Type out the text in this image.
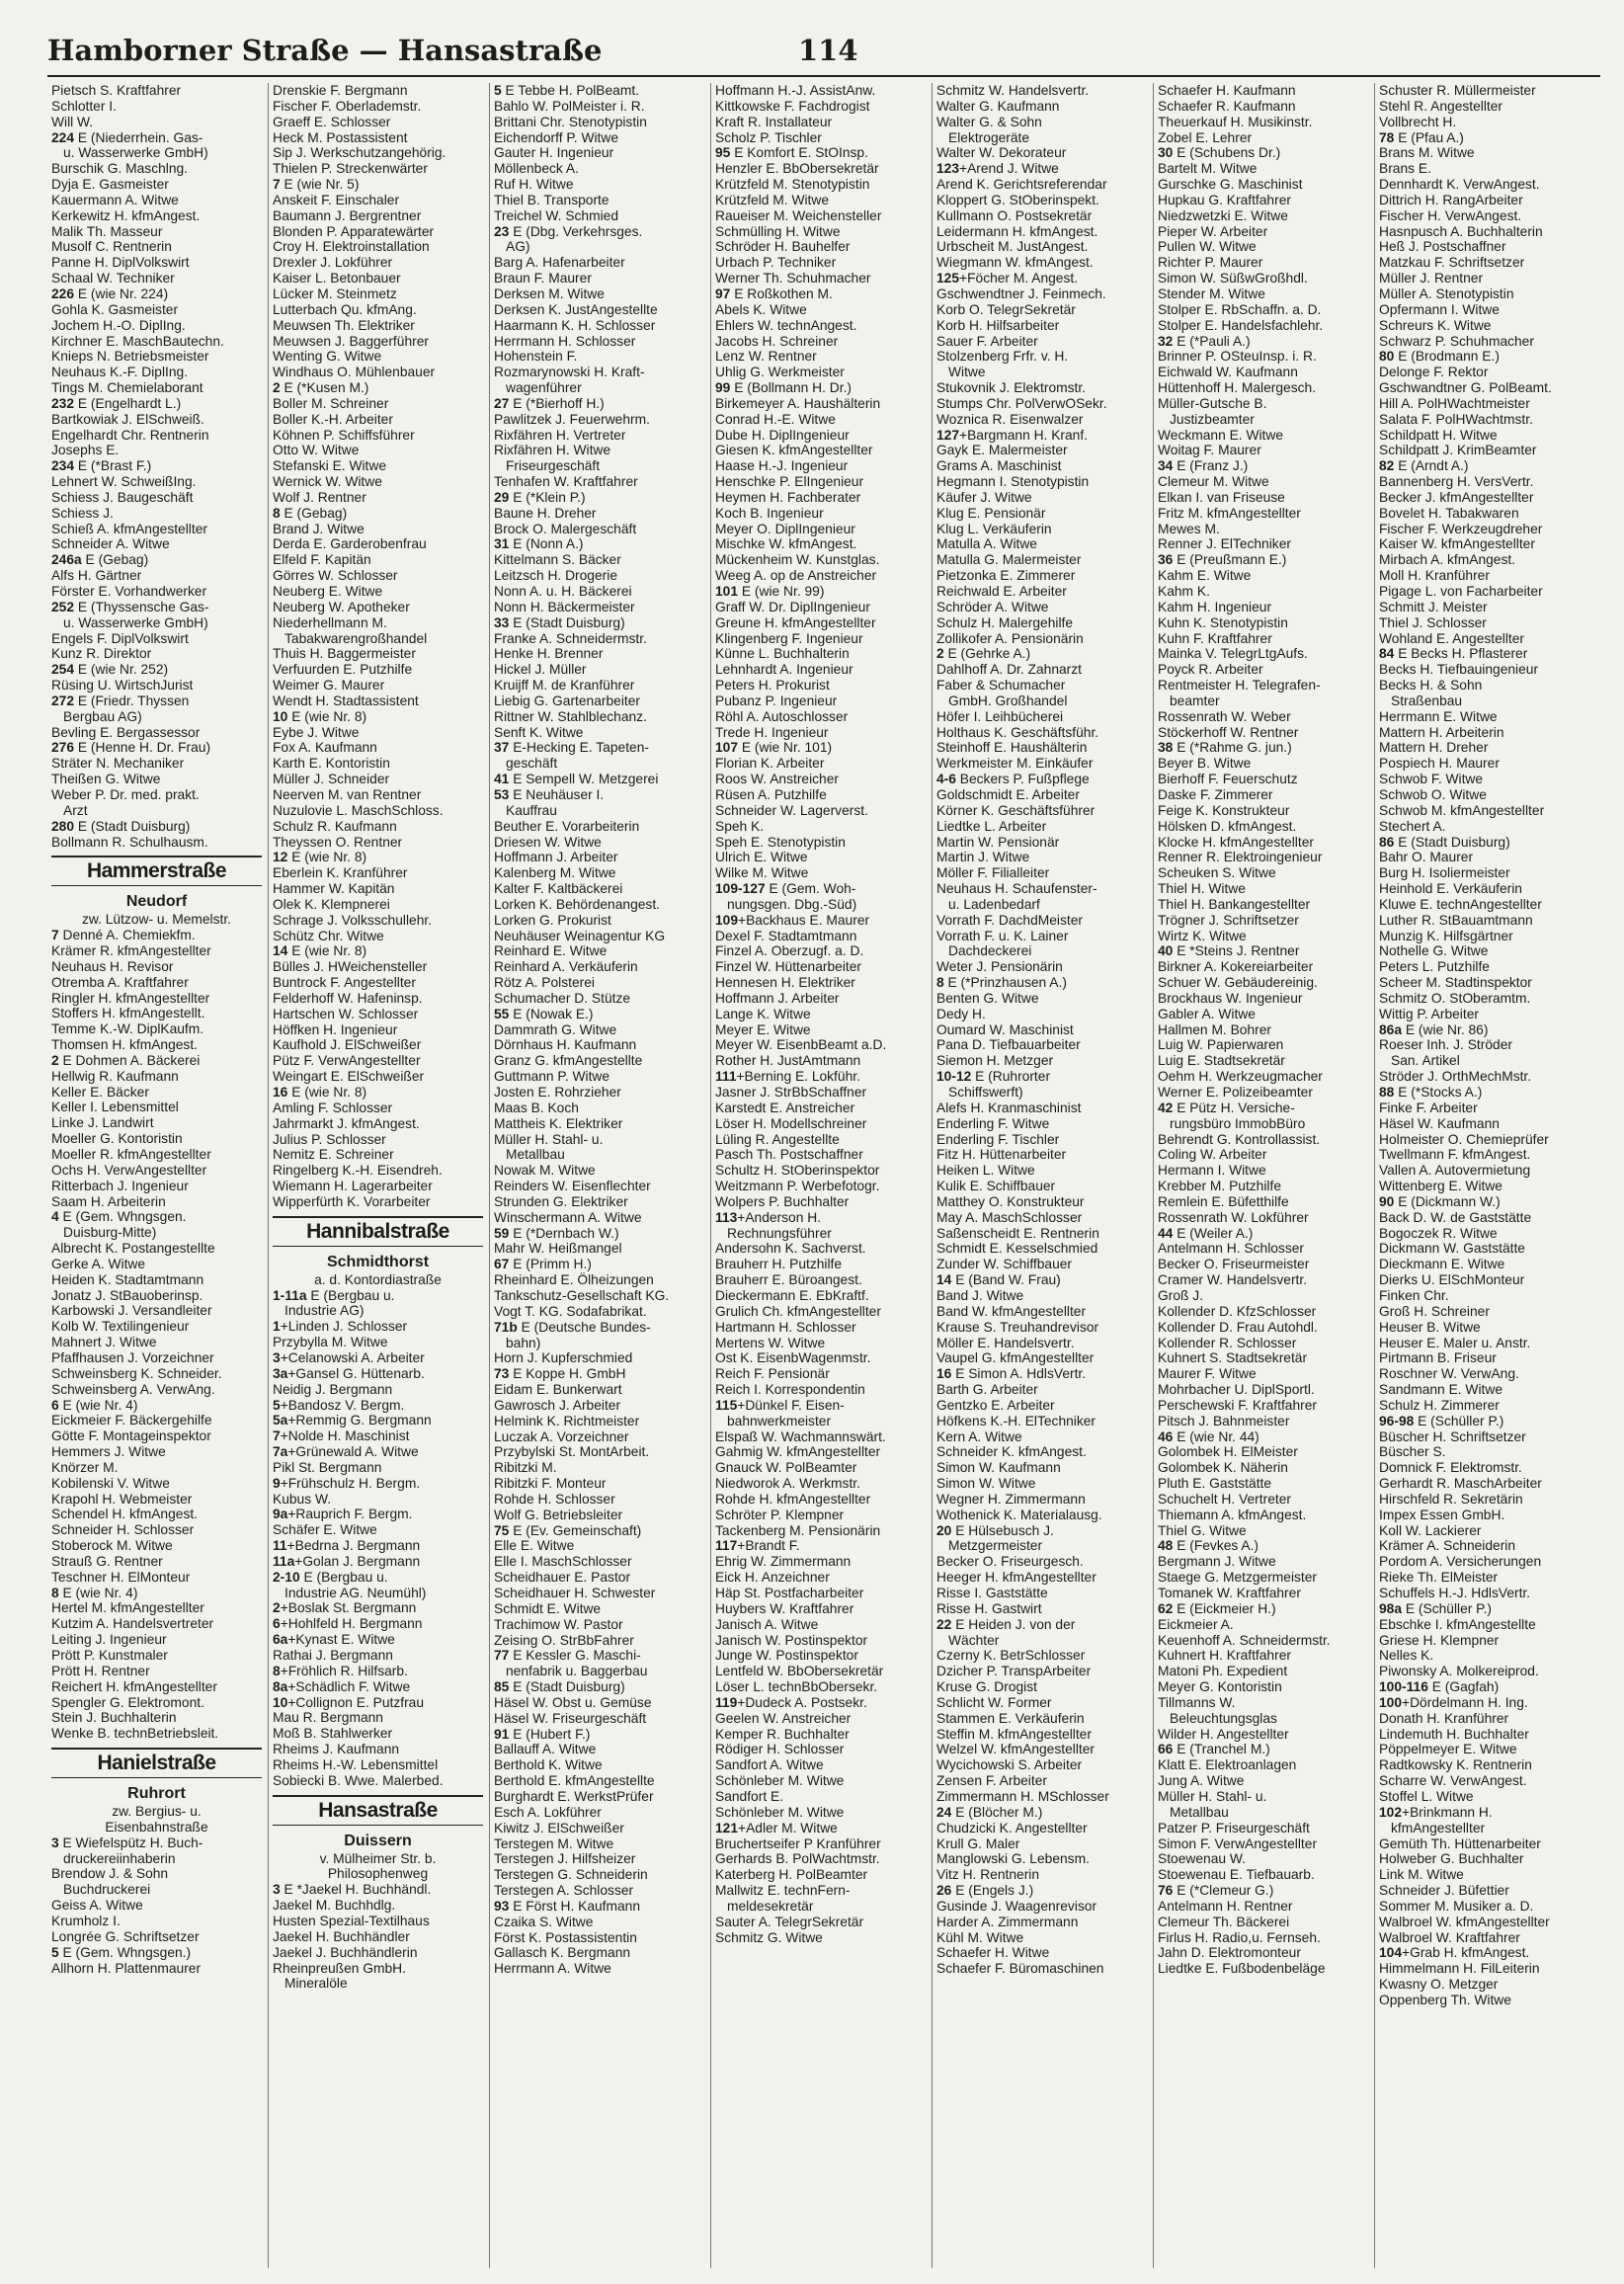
Hamborner Straße — Hansastraße	114
Pietsch S. Kraftfahrer
Schlotter I.
Will W.
224 E (Niederrhein. Gas-
u. Wasserwerke GmbH)
Burschik G. Maschlng.
Dyja E. Gasmeister
Kauermann A. Witwe
Kerkewitz H. kfmAngest.
Malik Th. Masseur
Musolf C. Rentnerin
Panne H. DiplVolkswirt
Schaal W. Techniker
226 E (wie Nr. 224)
Gohla K. Gasmeister
Jochem H.-O. DiplIng.
Kirchner E. MaschBautechn.
Knieps N. Betriebsmeister
Neuhaus K.-F. DiplIng.
Tings M. Chemielaborant
232 E (Engelhardt L.)
Bartkowiak J. ElSchweiß.
Engelhardt Chr. Rentnerin
Josephs E.
234 E (*Brast F.)
Lehnert W. SchweißIng.
Schiess J. Baugeschäft
Schiess J.
Schieß A. kfmAngestellter
Schneider A. Witwe
246a E (Gebag)
Alfs H. Gärtner
Förster E. Vorhandwerker
252 E (Thyssensche Gas-
u. Wasserwerke GmbH)
Engels F. DiplVolkswirt
Kunz R. Direktor
254 E (wie Nr. 252)
Rüsing U. WirtschJurist
272 E (Friedr. Thyssen
Bergbau AG)
Bevling E. Bergassessor
276 E (Henne H. Dr. Frau)
Sträter N. Mechaniker
Theißen G. Witwe
Weber P. Dr. med. prakt.
Arzt
280 E (Stadt Duisburg)
Bollmann R. Schulhausm.
Hammerstraße
Neudorf
zw. Lützow- u. Memelstr.
7 Denné A. Chemiekfm.
Krämer R. kfmAngestellter
Neuhaus H. Revisor
Otremba A. Kraftfahrer
Ringler H. kfmAngestellter
Stoffers H. kfmAngestellt.
Temme K.-W. DiplKaufm.
Thomsen H. kfmAngest.
2 E Dohmen A. Bäckerei
Hellwig R. Kaufmann
Keller E. Bäcker
Keller I. Lebensmittel
Linke J. Landwirt
Moeller G. Kontoristin
Moeller R. kfmAngestellter
Ochs H. VerwAngestellter
Ritterbach J. Ingenieur
Saam H. Arbeiterin
4 E (Gem. Whngsgen.
Duisburg-Mitte)
Albrecht K. Postangestellte
Gerke A. Witwe
Heiden K. Stadtamtmann
Jonatz J. StBauoberinsp.
Karbowski J. Versandleiter
Kolb W. Textilingenieur
Mahnert J. Witwe
Pfaffhausen J. Vorzeichner
Schweinsberg K. Schneider.
Schweinsberg A. VerwAng.
6 E (wie Nr. 4)
Eickmeier F. Bäckergehilfe
Götte F. Montageinspektor
Hemmers J. Witwe
Knörzer M.
Kobilenski V. Witwe
Krapohl H. Webmeister
Schendel H. kfmAngest.
Schneider H. Schlosser
Stoberock M. Witwe
Strauß G. Rentner
Teschner H. ElMonteur
8 E (wie Nr. 4)
Hertel M. kfmAngestellter
Kutzim A. Handelsvertreter
Leiting J. Ingenieur
Prött P. Kunstmaler
Prött H. Rentner
Reichert H. kfmAngestellter
Spengler G. Elektromont.
Stein J. Buchhalterin
Wenke B. technBetriebsleit.
Hanielstraße
Ruhrort
zw. Bergius- u.
Eisenbahnstraße
3 E Wiefelspütz H. Buch-
druckereiinhaberin
Brendow J. & Sohn
Buchdruckerei
Geiss A. Witwe
Krumholz I.
Longrée G. Schriftsetzer
5 E (Gem. Whngsgen.)
Allhorn H. Plattenmaurer
Drenskie F. Bergmann
Fischer F. Oberlademstr.
Graeff E. Schlosser
Heck M. Postassistent
Sip J. Werkschutzangehörig.
Thielen P. Streckenwärter
7 E (wie Nr. 5)
Anskeit F. Einschaler
Baumann J. Bergrentner
Blonden P. Apparatewärter
Croy H. Elektroinstallation
Drexler J. Lokführer
Kaiser L. Betonbauer
Lücker M. Steinmetz
Lutterbach Qu. kfmAng.
Meuwsen Th. Elektriker
Meuwsen J. Baggerführer
Wenting G. Witwe
Windhaus O. Mühlenbauer
2 E (*Kusen M.)
Boller M. Schreiner
Boller K.-H. Arbeiter
Köhnen P. Schiffsführer
Otto W. Witwe
Stefanski E. Witwe
Wernick W. Witwe
Wolf J. Rentner
8 E (Gebag)
Brand J. Witwe
Derda E. Garderobenfrau
Elfeld F. Kapitän
Görres W. Schlosser
Neuberg E. Witwe
Neuberg W. Apotheker
Niederhellmann M.
Tabakwarengroßhandel
Thuis H. Baggermeister
Verfuurden E. Putzhilfe
Weimer G. Maurer
Wendt H. Stadtassistent
10 E (wie Nr. 8)
Eybe J. Witwe
Fox A. Kaufmann
Karth E. Kontoristin
Müller J. Schneider
Neerven M. van Rentner
Nuzulovie L. MaschSchloss.
Schulz R. Kaufmann
Theyssen O. Rentner
12 E (wie Nr. 8)
Eberlein K. Kranführer
Hammer W. Kapitän
Olek K. Klempnerei
Schrage J. Volksschullehr.
Schütz Chr. Witwe
14 E (wie Nr. 8)
Bülles J. HWeichensteller
Buntrock F. Angestellter
Felderhoff W. Hafeninsp.
Hartschen W. Schlosser
Höffken H. Ingenieur
Kaufhold J. ElSchweißer
Pütz F. VerwAngestellter
Weingart E. ElSchweißer
16 E (wie Nr. 8)
Amling F. Schlosser
Jahrmarkt J. kfmAngest.
Julius P. Schlosser
Nemitz E. Schreiner
Ringelberg K.-H. Eisendreh.
Wiemann H. Lagerarbeiter
Wipperfürth K. Vorarbeiter
Hannibalstraße
Schmidthorst
a. d. Kontordiastraße
1-11a E (Bergbau u.
Industrie AG)
1+Linden J. Schlosser
Przybylla M. Witwe
3+Celanowski A. Arbeiter
3a+Gansel G. Hüttenarb.
Neidig J. Bergmann
5+Bandosz V. Bergm.
5a+Remmig G. Bergmann
7+Nolde H. Maschinist
7a+Grünewald A. Witwe
Pikl St. Bergmann
9+Frühschulz H. Bergm.
Kubus W.
9a+Rauprich F. Bergm.
Schäfer E. Witwe
11+Bedrna J. Bergmann
11a+Golan J. Bergmann
2-10 E (Bergbau u.
Industrie AG. Neumühl)
2+Boslak St. Bergmann
6+Hohlfeld H. Bergmann
6a+Kynast E. Witwe
Rathai J. Bergmann
8+Fröhlich R. Hilfsarb.
8a+Schädlich F. Witwe
10+Collignon E. Putzfrau
Mau R. Bergmann
Moß B. Stahlwerker
Rheims J. Kaufmann
Rheims H.-W. Lebensmittel
Sobiecki B. Wwe. Malerbed.
Hansastraße
Duissern
v. Mülheimer Str. b.
Philosophenweg
3 E *Jaekel H. Buchhändl.
Jaekel M. Buchhdlg.
Husten Spezial-Textilhaus
Jaekel H. Buchhändler
Jaekel J. Buchhändlerin
Rheinpreußen GmbH.
Mineralöle
5 E Tebbe H. PolBeamt.
Bahlo W. PolMeister i. R.
Brittani Chr. Stenotypistin
Eichendorff P. Witwe
Gauter H. Ingenieur
Möllenbeck A.
Ruf H. Witwe
Thiel B. Transporte
Treichel W. Schmied
23 E (Dbg. Verkehrsges.
AG)
Barg A. Hafenarbeiter
Braun F. Maurer
Derksen M. Witwe
Derksen K. JustAngestellte
Haarmann K. H. Schlosser
Herrmann H. Schlosser
Hohenstein F.
Rozmarynowski H. Kraft-
wagenführer
27 E (*Bierhoff H.)
Pawlitzek J. Feuerwehrm.
Rixfähren H. Vertreter
Rixfähren H. Witwe
Friseurgeschäft
Tenhafen W. Kraftfahrer
29 E (*Klein P.)
Baune H. Dreher
Brock O. Malergeschäft
31 E (Nonn A.)
Kittelmann S. Bäcker
Leitzsch H. Drogerie
Nonn A. u. H. Bäckerei
Nonn H. Bäckermeister
33 E (Stadt Duisburg)
Franke A. Schneidermstr.
Henke H. Brenner
Hickel J. Müller
Kruijff M. de Kranführer
Liebig G. Gartenarbeiter
Rittner W. Stahlblechanz.
Senft K. Witwe
37 E-Hecking E. Tapeten-
geschäft
41 E Sempell W. Metzgerei
53 E Neuhäuser I.
Kauffrau
Beuther E. Vorarbeiterin
Driesen W. Witwe
Hoffmann J. Arbeiter
Kalenberg M. Witwe
Kalter F. Kaltbäckerei
Lorken K. Behördenangest.
Lorken G. Prokurist
Neuhäuser Weinagentur KG
Reinhard E. Witwe
Reinhard A. Verkäuferin
Rötz A. Polsterei
Schumacher D. Stütze
55 E (Nowak E.)
Dammrath G. Witwe
Dörnhaus H. Kaufmann
Granz G. kfmAngestellte
Guttmann P. Witwe
Josten E. Rohrzieher
Maas B. Koch
Mattheis K. Elektriker
Müller H. Stahl- u.
Metallbau
Nowak M. Witwe
Reinders W. Eisenflechter
Strunden G. Elektriker
Winschermann A. Witwe
59 E (*Dernbach W.)
Mahr W. Heißmangel
67 E (Primm H.)
Rheinhard E. Ölheizungen
Tankschutz-Gesellschaft KG.
Vogt T. KG. Sodafabrikat.
71b E (Deutsche Bundes-
bahn)
Horn J. Kupferschmied
73 E Koppe H. GmbH
Eidam E. Bunkerwart
Gawrosch J. Arbeiter
Helmink K. Richtmeister
Luczak A. Vorzeichner
Przybylski St. MontArbeit.
Ribitzki M.
Ribitzki F. Monteur
Rohde H. Schlosser
Wolf G. Betriebsleiter
75 E (Ev. Gemeinschaft)
Elle E. Witwe
Elle I. MaschSchlosser
Scheidhauer E. Pastor
Scheidhauer H. Schwester
Schmidt E. Witwe
Trachimow W. Pastor
Zeising O. StrBbFahrer
77 E Kessler G. Maschi-
nenfabrik u. Baggerbau
85 E (Stadt Duisburg)
Häsel W. Obst u. Gemüse
Häsel W. Friseurgeschäft
91 E (Hubert F.)
Ballauff A. Witwe
Berthold K. Witwe
Berthold E. kfmAngestellte
Burghardt E. WerkstPrüfer
Esch A. Lokführer
Kiwitz J. ElSchweißer
Terstegen M. Witwe
Terstegen J. Hilfsheizer
Terstegen G. Schneiderin
Terstegen A. Schlosser
93 E Först H. Kaufmann
Czaika S. Witwe
Först K. Postassistentin
Gallasch K. Bergmann
Herrmann A. Witwe
Hoffmann H.-J. AssistAnw.
Kittkowske F. Fachdrogist
Kraft R. Installateur
Scholz P. Tischler
95 E Komfort E. StOInsp.
Henzler E. BbObersekretär
Krützfeld M. Stenotypistin
Krützfeld M. Witwe
Raueiser M. Weichensteller
Schmülling H. Witwe
Schröder H. Bauhelfer
Urbach P. Techniker
Werner Th. Schuhmacher
97 E Roßkothen M.
Abels K. Witwe
Ehlers W. technAngest.
Jacobs H. Schreiner
Lenz W. Rentner
Uhlig G. Werkmeister
99 E (Bollmann H. Dr.)
Birkemeyer A. Haushälterin
Conrad H.-E. Witwe
Dube H. DiplIngenieur
Giesen K. kfmAngestellter
Haase H.-J. Ingenieur
Henschke P. ElIngenieur
Heymen H. Fachberater
Koch B. Ingenieur
Meyer O. DiplIngenieur
Mischke W. kfmAngest.
Mückenheim W. Kunstglas.
Weeg A. op de Anstreicher
101 E (wie Nr. 99)
Graff W. Dr. DiplIngenieur
Greune H. kfmAngestellter
Klingenberg F. Ingenieur
Künne L. Buchhalterin
Lehnhardt A. Ingenieur
Peters H. Prokurist
Pubanz P. Ingenieur
Röhl A. Autoschlosser
Trede H. Ingenieur
107 E (wie Nr. 101)
Florian K. Arbeiter
Roos W. Anstreicher
Rüsen A. Putzhilfe
Schneider W. Lagerverst.
Speh K.
Speh E. Stenotypistin
Ulrich E. Witwe
Wilke M. Witwe
109-127 E (Gem. Woh-
nungsgen. Dbg.-Süd)
109+Backhaus E. Maurer
Dexel F. Stadtamtmann
Finzel A. Oberzugf. a. D.
Finzel W. Hüttenarbeiter
Hennesen H. Elektriker
Hoffmann J. Arbeiter
Lange K. Witwe
Meyer E. Witwe
Meyer W. EisenbBeamt a.D.
Rother H. JustAmtmann
111+Berning E. Lokführ.
Jasner J. StrBbSchaffner
Karstedt E. Anstreicher
Löser H. Modellschreiner
Lüling R. Angestellte
Pasch Th. Postschaffner
Schultz H. StOberinspektor
Weitzmann P. Werbefotogr.
Wolpers P. Buchhalter
113+Anderson H.
Rechnungsführer
Andersohn K. Sachverst.
Brauherr H. Putzhilfe
Brauherr E. Büroangest.
Dieckermann E. EbKraftf.
Grulich Ch. kfmAngestellter
Hartmann H. Schlosser
Mertens W. Witwe
Ost K. EisenbWagenmstr.
Reich F. Pensionär
Reich I. Korrespondentin
115+Dünkel F. Eisen-
bahnwerkmeister
Elspaß W. Wachmannswärt.
Gahmig W. kfmAngestellter
Gnauck W. PolBeamter
Niedworok A. Werkmstr.
Rohde H. kfmAngestellter
Schröter P. Klempner
Tackenberg M. Pensionärin
117+Brandt F.
Ehrig W. Zimmermann
Eick H. Anzeichner
Häp St. Postfacharbeiter
Huybers W. Kraftfahrer
Janisch A. Witwe
Janisch W. Postinspektor
Junge W. Postinspektor
Lentfeld W. BbObersekretär
Löser L. technBbObersekr.
119+Dudeck A. Postsekr.
Geelen W. Anstreicher
Kemper R. Buchhalter
Rödiger H. Schlosser
Sandfort A. Witwe
Schönleber M. Witwe
Sandfort E.
Schönleber M. Witwe
121+Adler M. Witwe
Bruchertseifer P Kranführer
Gerhards B. PolWachtmstr.
Katerberg H. PolBeamter
Mallwitz E. technFern-
meldesekretär
Sauter A. TelegrSekretär
Schmitz G. Witwe
Schmitz W. Handelsvertr.
Walter G. Kaufmann
Walter G. & Sohn
Elektrogeräte
Walter W. Dekorateur
123+Arend J. Witwe
Arend K. Gerichtsreferendar
Kloppert G. StOberinspekt.
Kullmann O. Postsekretär
Leidermann H. kfmAngest.
Urbscheit M. JustAngest.
Wiegmann W. kfmAngest.
125+Föcher M. Angest.
Gschwendtner J. Feinmech.
Korb O. TelegrSekretär
Korb H. Hilfsarbeiter
Sauer F. Arbeiter
Stolzenberg Frfr. v. H.
Witwe
Stukovnik J. Elektromstr.
Stumps Chr. PolVerwOSekr.
Woznica R. Eisenwalzer
127+Bargmann H. Kranf.
Gayk E. Malermeister
Grams A. Maschinist
Hegmann I. Stenotypistin
Käufer J. Witwe
Klug E. Pensionär
Klug L. Verkäuferin
Matulla A. Witwe
Matulla G. Malermeister
Pietzonka E. Zimmerer
Reichwald E. Arbeiter
Schröder A. Witwe
Schulz H. Malergehilfe
Zollikofer A. Pensionärin
2 E (Gehrke A.)
Dahlhoff A. Dr. Zahnarzt
Faber & Schumacher
GmbH. Großhandel
Höfer I. Leihbücherei
Holthaus K. Geschäftsführ.
Steinhoff E. Haushälterin
Werkmeister M. Einkäufer
4-6 Beckers P. Fußpflege
Goldschmidt E. Arbeiter
Körner K. Geschäftsführer
Liedtke L. Arbeiter
Martin W. Pensionär
Martin J. Witwe
Möller F. Filialleiter
Neuhaus H. Schaufenster-
u. Ladenbedarf
Vorrath F. DachdMeister
Vorrath F. u. K. Lainer
Dachdeckerei
Weter J. Pensionärin
8 E (*Prinzhausen A.)
Benten G. Witwe
Dedy H.
Oumard W. Maschinist
Pana D. Tiefbauarbeiter
Siemon H. Metzger
10-12 E (Ruhrorter
Schiffswerft)
Alefs H. Kranmaschinist
Enderling F. Witwe
Enderling F. Tischler
Fitz H. Hüttenarbeiter
Heiken L. Witwe
Kulik E. Schiffbauer
Matthey O. Konstrukteur
May A. MaschSchlosser
Saßenscheidt E. Rentnerin
Schmidt E. Kesselschmied
Zunder W. Schiffbauer
14 E (Band W. Frau)
Band J. Witwe
Band W. kfmAngestellter
Krause S. Treuhandrevisor
Möller E. Handelsvertr.
Vaupel G. kfmAngestellter
16 E Simon A. HdlsVertr.
Barth G. Arbeiter
Gentzko E. Arbeiter
Höfkens K.-H. ElTechniker
Kern A. Witwe
Schneider K. kfmAngest.
Simon W. Kaufmann
Simon W. Witwe
Wegner H. Zimmermann
Wothenick K. Materialausg.
20 E Hülsebusch J.
Metzgermeister
Becker O. Friseurgesch.
Heeger H. kfmAngestellter
Risse I. Gaststätte
Risse H. Gastwirt
22 E Heiden J. von der
Wächter
Czerny K. BetrSchlosser
Dzicher P. TranspArbeiter
Kruse G. Drogist
Schlicht W. Former
Stammen E. Verkäuferin
Steffin M. kfmAngestellter
Welzel W. kfmAngestellter
Wycichowski S. Arbeiter
Zensen F. Arbeiter
Zimmermann H. MSchlosser
24 E (Blöcher M.)
Chudzicki K. Angestellter
Krull G. Maler
Manglowski G. Lebensm.
Vitz H. Rentnerin
26 E (Engels J.)
Gusinde J. Waagenrevisor
Harder A. Zimmermann
Kühl M. Witwe
Schaefer H. Witwe
Schaefer F. Büromaschinen
Schaefer H. Kaufmann
Schaefer R. Kaufmann
Theuerkauf H. Musikinstr.
Zobel E. Lehrer
30 E (Schubens Dr.)
Bartelt M. Witwe
Gurschke G. Maschinist
Hupkau G. Kraftfahrer
Niedzwetzki E. Witwe
Pieper W. Arbeiter
Pullen W. Witwe
Richter P. Maurer
Simon W. SüßwGroßhdl.
Stender M. Witwe
Stolper E. RbSchaffn. a. D.
Stolper E. Handelsfachlehr.
32 E (*Pauli A.)
Brinner P. OSteuInsp. i. R.
Eichwald W. Kaufmann
Hüttenhoff H. Malergesch.
Müller-Gutsche B.
Justizbeamter
Weckmann E. Witwe
Woitag F. Maurer
34 E (Franz J.)
Clemeur M. Witwe
Elkan I. van Friseuse
Fritz M. kfmAngestellter
Mewes M.
Renner J. ElTechniker
36 E (Preußmann E.)
Kahm E. Witwe
Kahm K.
Kahm H. Ingenieur
Kuhn K. Stenotypistin
Kuhn F. Kraftfahrer
Mainka V. TelegrLtgAufs.
Poyck R. Arbeiter
Rentmeister H. Telegrafen-
beamter
Rossenrath W. Weber
Stöckerhoff W. Rentner
38 E (*Rahme G. jun.)
Beyer B. Witwe
Bierhoff F. Feuerschutz
Daske F. Zimmerer
Feige K. Konstrukteur
Hölsken D. kfmAngest.
Klocke H. kfmAngestellter
Renner R. Elektroingenieur
Scheuken S. Witwe
Thiel H. Witwe
Thiel H. Bankangestellter
Trögner J. Schriftsetzer
Wirtz K. Witwe
40 E *Steins J. Rentner
Birkner A. Kokereiarbeiter
Schuer W. Gebäudereinig.
Brockhaus W. Ingenieur
Gabler A. Witwe
Hallmen M. Bohrer
Luig W. Papierwaren
Luig E. Stadtsekretär
Oehm H. Werkzeugmacher
Werner E. Polizeibeamter
42 E Pütz H. Versiche-
rungsbüro ImmobBüro
Behrendt G. Kontrollassist.
Coling W. Arbeiter
Hermann I. Witwe
Krebber M. Putzhilfe
Remlein E. Büfetthilfe
Rossenrath W. Lokführer
44 E (Weiler A.)
Antelmann H. Schlosser
Becker O. Friseurmeister
Cramer W. Handelsvertr.
Groß J.
Kollender D. KfzSchlosser
Kollender D. Frau Autohdl.
Kollender R. Schlosser
Kuhnert S. Stadtsekretär
Maurer F. Witwe
Mohrbacher U. DiplSportl.
Perschewski F. Kraftfahrer
Pitsch J. Bahnmeister
46 E (wie Nr. 44)
Golombek H. ElMeister
Golombek K. Näherin
Pluth E. Gaststätte
Schuchelt H. Vertreter
Thiemann A. kfmAngest.
Thiel G. Witwe
48 E (Fevkes A.)
Bergmann J. Witwe
Staege G. Metzgermeister
Tomanek W. Kraftfahrer
62 E (Eickmeier H.)
Eickmeier A.
Keuenhoff A. Schneidermstr.
Kuhnert H. Kraftfahrer
Matoni Ph. Expedient
Meyer G. Kontoristin
Tillmanns W.
Beleuchtungsglas
Wilder H. Angestellter
66 E (Tranchel M.)
Klatt E. Elektroanlagen
Jung A. Witwe
Müller H. Stahl- u.
Metallbau
Patzer P. Friseurgeschäft
Simon F. VerwAngestellter
Stoewenau W.
Stoewenau E. Tiefbauarb.
76 E (*Clemeur G.)
Antelmann H. Rentner
Clemeur Th. Bäckerei
Firlus H. Radio,u. Fernseh.
Jahn D. Elektromonteur
Liedtke E. Fußbodenbeläge
Schuster R. Müllermeister
Stehl R. Angestellter
Vollbrecht H.
78 E (Pfau A.)
Brans M. Witwe
Brans E.
Dennhardt K. VerwAngest.
Dittrich H. RangArbeiter
Fischer H. VerwAngest.
Hasnpusch A. Buchhalterin
Heß J. Postschaffner
Matzkau F. Schriftsetzer
Müller J. Rentner
Müller A. Stenotypistin
Opfermann I. Witwe
Schreurs K. Witwe
Schwarz P. Schuhmacher
80 E (Brodmann E.)
Delonge F. Rektor
Gschwandtner G. PolBeamt.
Hill A. PolHWachtmeister
Salata F. PolHWachtmstr.
Schildpatt H. Witwe
Schildpatt J. KrimBeamter
82 E (Arndt A.)
Bannenberg H. VersVertr.
Becker J. kfmAngestellter
Bovelet H. Tabakwaren
Fischer F. Werkzeugdreher
Kaiser W. kfmAngestellter
Mirbach A. kfmAngest.
Moll H. Kranführer
Pigage L. von Facharbeiter
Schmitt J. Meister
Thiel J. Schlosser
Wohland E. Angestellter
84 E Becks H. Pflasterer
Becks H. Tiefbauingenieur
Becks H. & Sohn
Straßenbau
Herrmann E. Witwe
Mattern H. Arbeiterin
Mattern H. Dreher
Pospiech H. Maurer
Schwob F. Witwe
Schwob O. Witwe
Schwob M. kfmAngestellter
Stechert A.
86 E (Stadt Duisburg)
Bahr O. Maurer
Burg H. Isoliermeister
Heinhold E. Verkäuferin
Kluwe E. technAngestellter
Luther R. StBauamtmann
Munzig K. Hilfsgärtner
Nothelle G. Witwe
Peters L. Putzhilfe
Scheer M. Stadtinspektor
Schmitz O. StOberamtm.
Wittig P. Arbeiter
86a E (wie Nr. 86)
Roeser Inh. J. Ströder
San. Artikel
Ströder J. OrthMechMstr.
88 E (*Stocks A.)
Finke F. Arbeiter
Häsel W. Kaufmann
Holmeister O. Chemieprüfer
Twellmann F. kfmAngest.
Vallen A. Autovermietung
Wittenberg E. Witwe
90 E (Dickmann W.)
Back D. W. de Gaststätte
Bogoczek R. Witwe
Dickmann W. Gaststätte
Dieckmann E. Witwe
Dierks U. ElSchMonteur
Finken Chr.
Groß H. Schreiner
Heuser B. Witwe
Heuser E. Maler u. Anstr.
Pirtmann B. Friseur
Roschner W. VerwAng.
Sandmann E. Witwe
Schulz H. Zimmerer
96-98 E (Schüller P.)
Büscher H. Schriftsetzer
Büscher S.
Domnick F. Elektromstr.
Gerhardt R. MaschArbeiter
Hirschfeld R. Sekretärin
Impex Essen GmbH.
Koll W. Lackierer
Krämer A. Schneiderin
Pordom A. Versicherungen
Rieke Th. ElMeister
Schuffels H.-J. HdlsVertr.
98a E (Schüller P.)
Ebschke I. kfmAngestellte
Griese H. Klempner
Nelles K.
Piwonsky A. Molkereiprod.
100-116 E (Gagfah)
100+Dördelmann H. Ing.
Donath H. Kranführer
Lindemuth H. Buchhalter
Pöppelmeyer E. Witwe
Radtkowsky K. Rentnerin
Scharre W. VerwAngest.
Stoffel L. Witwe
102+Brinkmann H.
kfmAngestellter
Gemüth Th. Hüttenarbeiter
Holweber G. Buchhalter
Link M. Witwe
Schneider J. Büfettier
Sommer M. Musiker a. D.
Walbroel W. kfmAngestellter
Walbroel W. Kraftfahrer
104+Grab H. kfmAngest.
Himmelmann H. FilLeiterin
Kwasny O. Metzger
Oppenberg Th. Witwe
